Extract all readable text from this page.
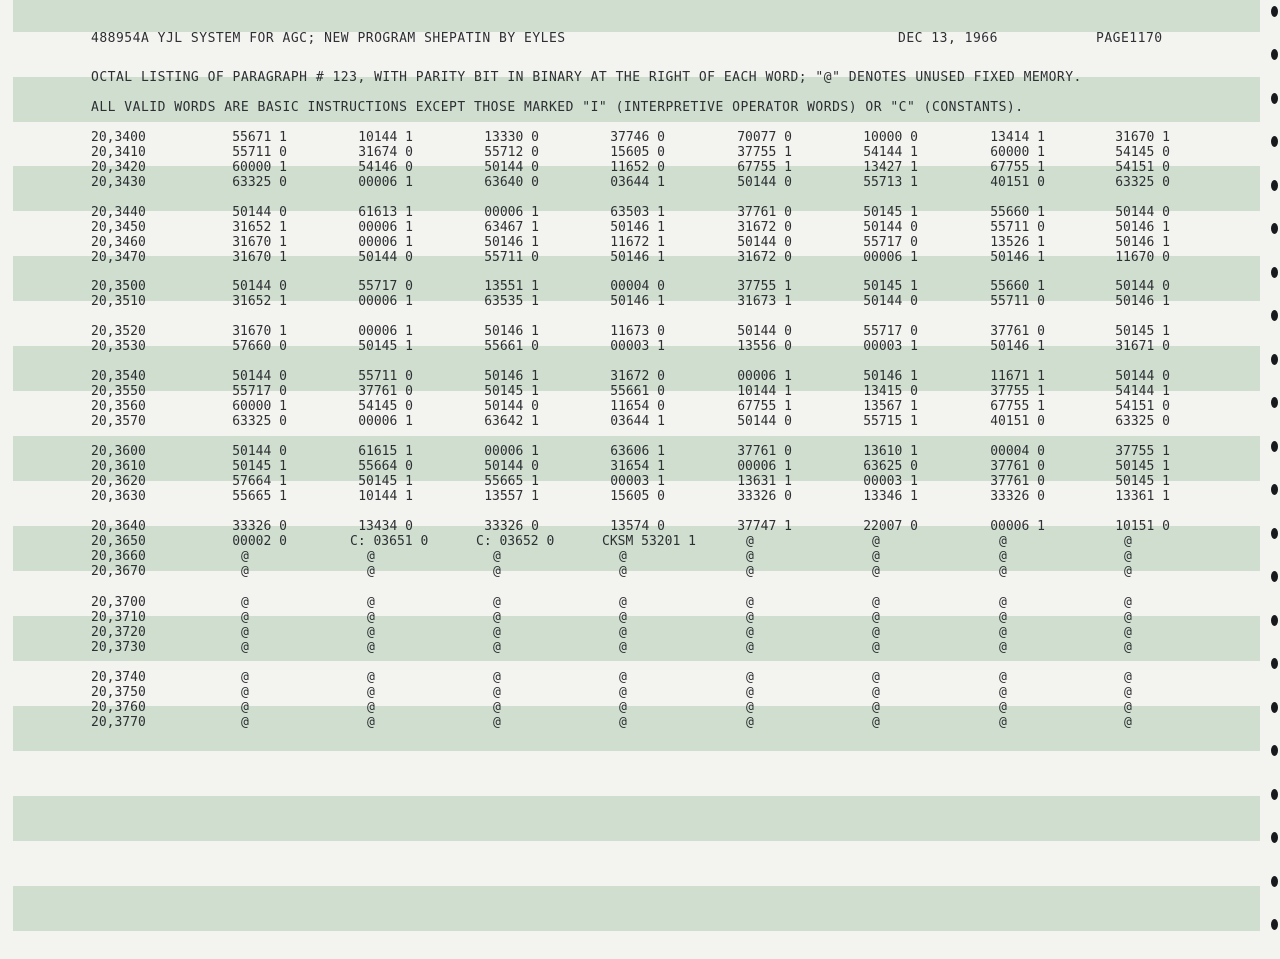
488954A YJL SYSTEM FOR AGC; NEW PROGRAM SHEPATIN BY EYLES	DEC 13, 1966	PAGE1170
OCTAL LISTING OF PARAGRAPH # 123, WITH PARITY BIT IN BINARY AT THE RIGHT OF EACH WORD; "@" DENOTES UNUSED FIXED MEMORY.
ALL VALID WORDS ARE BASIC INSTRUCTIONS EXCEPT THOSE MARKED "I" (INTERPRETIVE OPERATOR WORDS) OR "C" (CONSTANTS).
20,3400	55671 1	10144 1	13330 0	37746 0	70077 0	10000 0	13414 1	31670 1
20,3410	55711 0	31674 0	55712 0	15605 0	37755 1	54144 1	60000 1	54145 0
20,3420	60000 1	54146 0	50144 0	11652 0	67755 1	13427 1	67755 1	54151 0
20,3430	63325 0	00006 1	63640 0	03644 1	50144 0	55713 1	40151 0	63325 0
20,3440	50144 0	61613 1	00006 1	63503 1	37761 0	50145 1	55660 1	50144 0
20,3450	31652 1	00006 1	63467 1	50146 1	31672 0	50144 0	55711 0	50146 1
20,3460	31670 1	00006 1	50146 1	11672 1	50144 0	55717 0	13526 1	50146 1
20,3470	31670 1	50144 0	55711 0	50146 1	31672 0	00006 1	50146 1	11670 0
20,3500	50144 0	55717 0	13551 1	00004 0	37755 1	50145 1	55660 1	50144 0
20,3510	31652 1	00006 1	63535 1	50146 1	31673 1	50144 0	55711 0	50146 1
20,3520	31670 1	00006 1	50146 1	11673 0	50144 0	55717 0	37761 0	50145 1
20,3530	57660 0	50145 1	55661 0	00003 1	13556 0	00003 1	50146 1	31671 0
20,3540	50144 0	55711 0	50146 1	31672 0	00006 1	50146 1	11671 1	50144 0
20,3550	55717 0	37761 0	50145 1	55661 0	10144 1	13415 0	37755 1	54144 1
20,3560	60000 1	54145 0	50144 0	11654 0	67755 1	13567 1	67755 1	54151 0
20,3570	63325 0	00006 1	63642 1	03644 1	50144 0	55715 1	40151 0	63325 0
20,3600	50144 0	61615 1	00006 1	63606 1	37761 0	13610 1	00004 0	37755 1
20,3610	50145 1	55664 0	50144 0	31654 1	00006 1	63625 0	37761 0	50145 1
20,3620	57664 1	50145 1	55665 1	00003 1	13631 1	00003 1	37761 0	50145 1
20,3630	55665 1	10144 1	13557 1	15605 0	33326 0	13346 1	33326 0	13361 1
20,3640	33326 0	13434 0	33326 0	13574 0	37747 1	22007 0	00006 1	10151 0
20,3650	00002 0	C: 03651 0	C: 03652 0	CKSM 53201 1	@	@	@	@
20,3660	@	@	@	@	@	@	@	@
20,3670	@	@	@	@	@	@	@	@
20,3700	@	@	@	@	@	@	@	@
20,3710	@	@	@	@	@	@	@	@
20,3720	@	@	@	@	@	@	@	@
20,3730	@	@	@	@	@	@	@	@
20,3740	@	@	@	@	@	@	@	@
20,3750	@	@	@	@	@	@	@	@
20,3760	@	@	@	@	@	@	@	@
20,3770	@	@	@	@	@	@	@	@
